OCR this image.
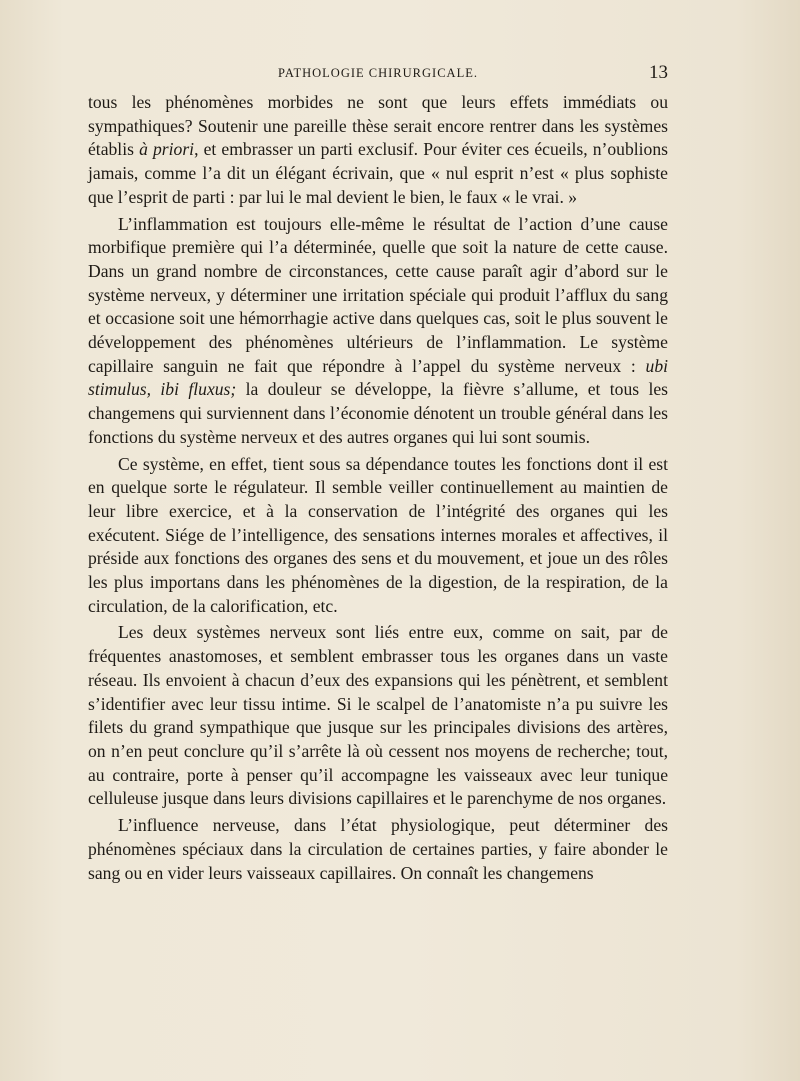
PATHOLOGIE CHIRURGICALE.	13

tous les phénomènes morbides ne sont que leurs effets immédiats ou sympathiques? Soutenir une pareille thèse serait encore rentrer dans les systèmes établis à priori, et embrasser un parti exclusif. Pour éviter ces écueils, n’oublions jamais, comme l’a dit un élégant écrivain, que « nul esprit n’est « plus sophiste que l’esprit de parti : par lui le mal devient le bien, le faux « le vrai. »

L’inflammation est toujours elle-même le résultat de l’action d’une cause morbifique première qui l’a déterminée, quelle que soit la nature de cette cause. Dans un grand nombre de circonstances, cette cause paraît agir d’abord sur le système nerveux, y déterminer une irritation spéciale qui produit l’afflux du sang et occasione soit une hémorrhagie active dans quelques cas, soit le plus souvent le développement des phénomènes ultérieurs de l’inflammation. Le système capillaire sanguin ne fait que répondre à l’appel du système nerveux : ubi stimulus, ibi fluxus; la douleur se développe, la fièvre s’allume, et tous les changemens qui surviennent dans l’économie dénotent un trouble général dans les fonctions du système nerveux et des autres organes qui lui sont soumis.

Ce système, en effet, tient sous sa dépendance toutes les fonctions dont il est en quelque sorte le régulateur. Il semble veiller continuellement au maintien de leur libre exercice, et à la conservation de l’intégrité des organes qui les exécutent. Siége de l’intelligence, des sensations internes morales et affectives, il préside aux fonctions des organes des sens et du mouvement, et joue un des rôles les plus importans dans les phénomènes de la digestion, de la respiration, de la circulation, de la calorification, etc.

Les deux systèmes nerveux sont liés entre eux, comme on sait, par de fréquentes anastomoses, et semblent embrasser tous les organes dans un vaste réseau. Ils envoient à chacun d’eux des expansions qui les pénètrent, et semblent s’identifier avec leur tissu intime. Si le scalpel de l’anatomiste n’a pu suivre les filets du grand sympathique que jusque sur les principales divisions des artères, on n’en peut conclure qu’il s’arrête là où cessent nos moyens de recherche; tout, au contraire, porte à penser qu’il accompagne les vaisseaux avec leur tunique celluleuse jusque dans leurs divisions capillaires et le parenchyme de nos organes.

L’influence nerveuse, dans l’état physiologique, peut déterminer des phénomènes spéciaux dans la circulation de certaines parties, y faire abonder le sang ou en vider leurs vaisseaux capillaires. On connaît les changemens
